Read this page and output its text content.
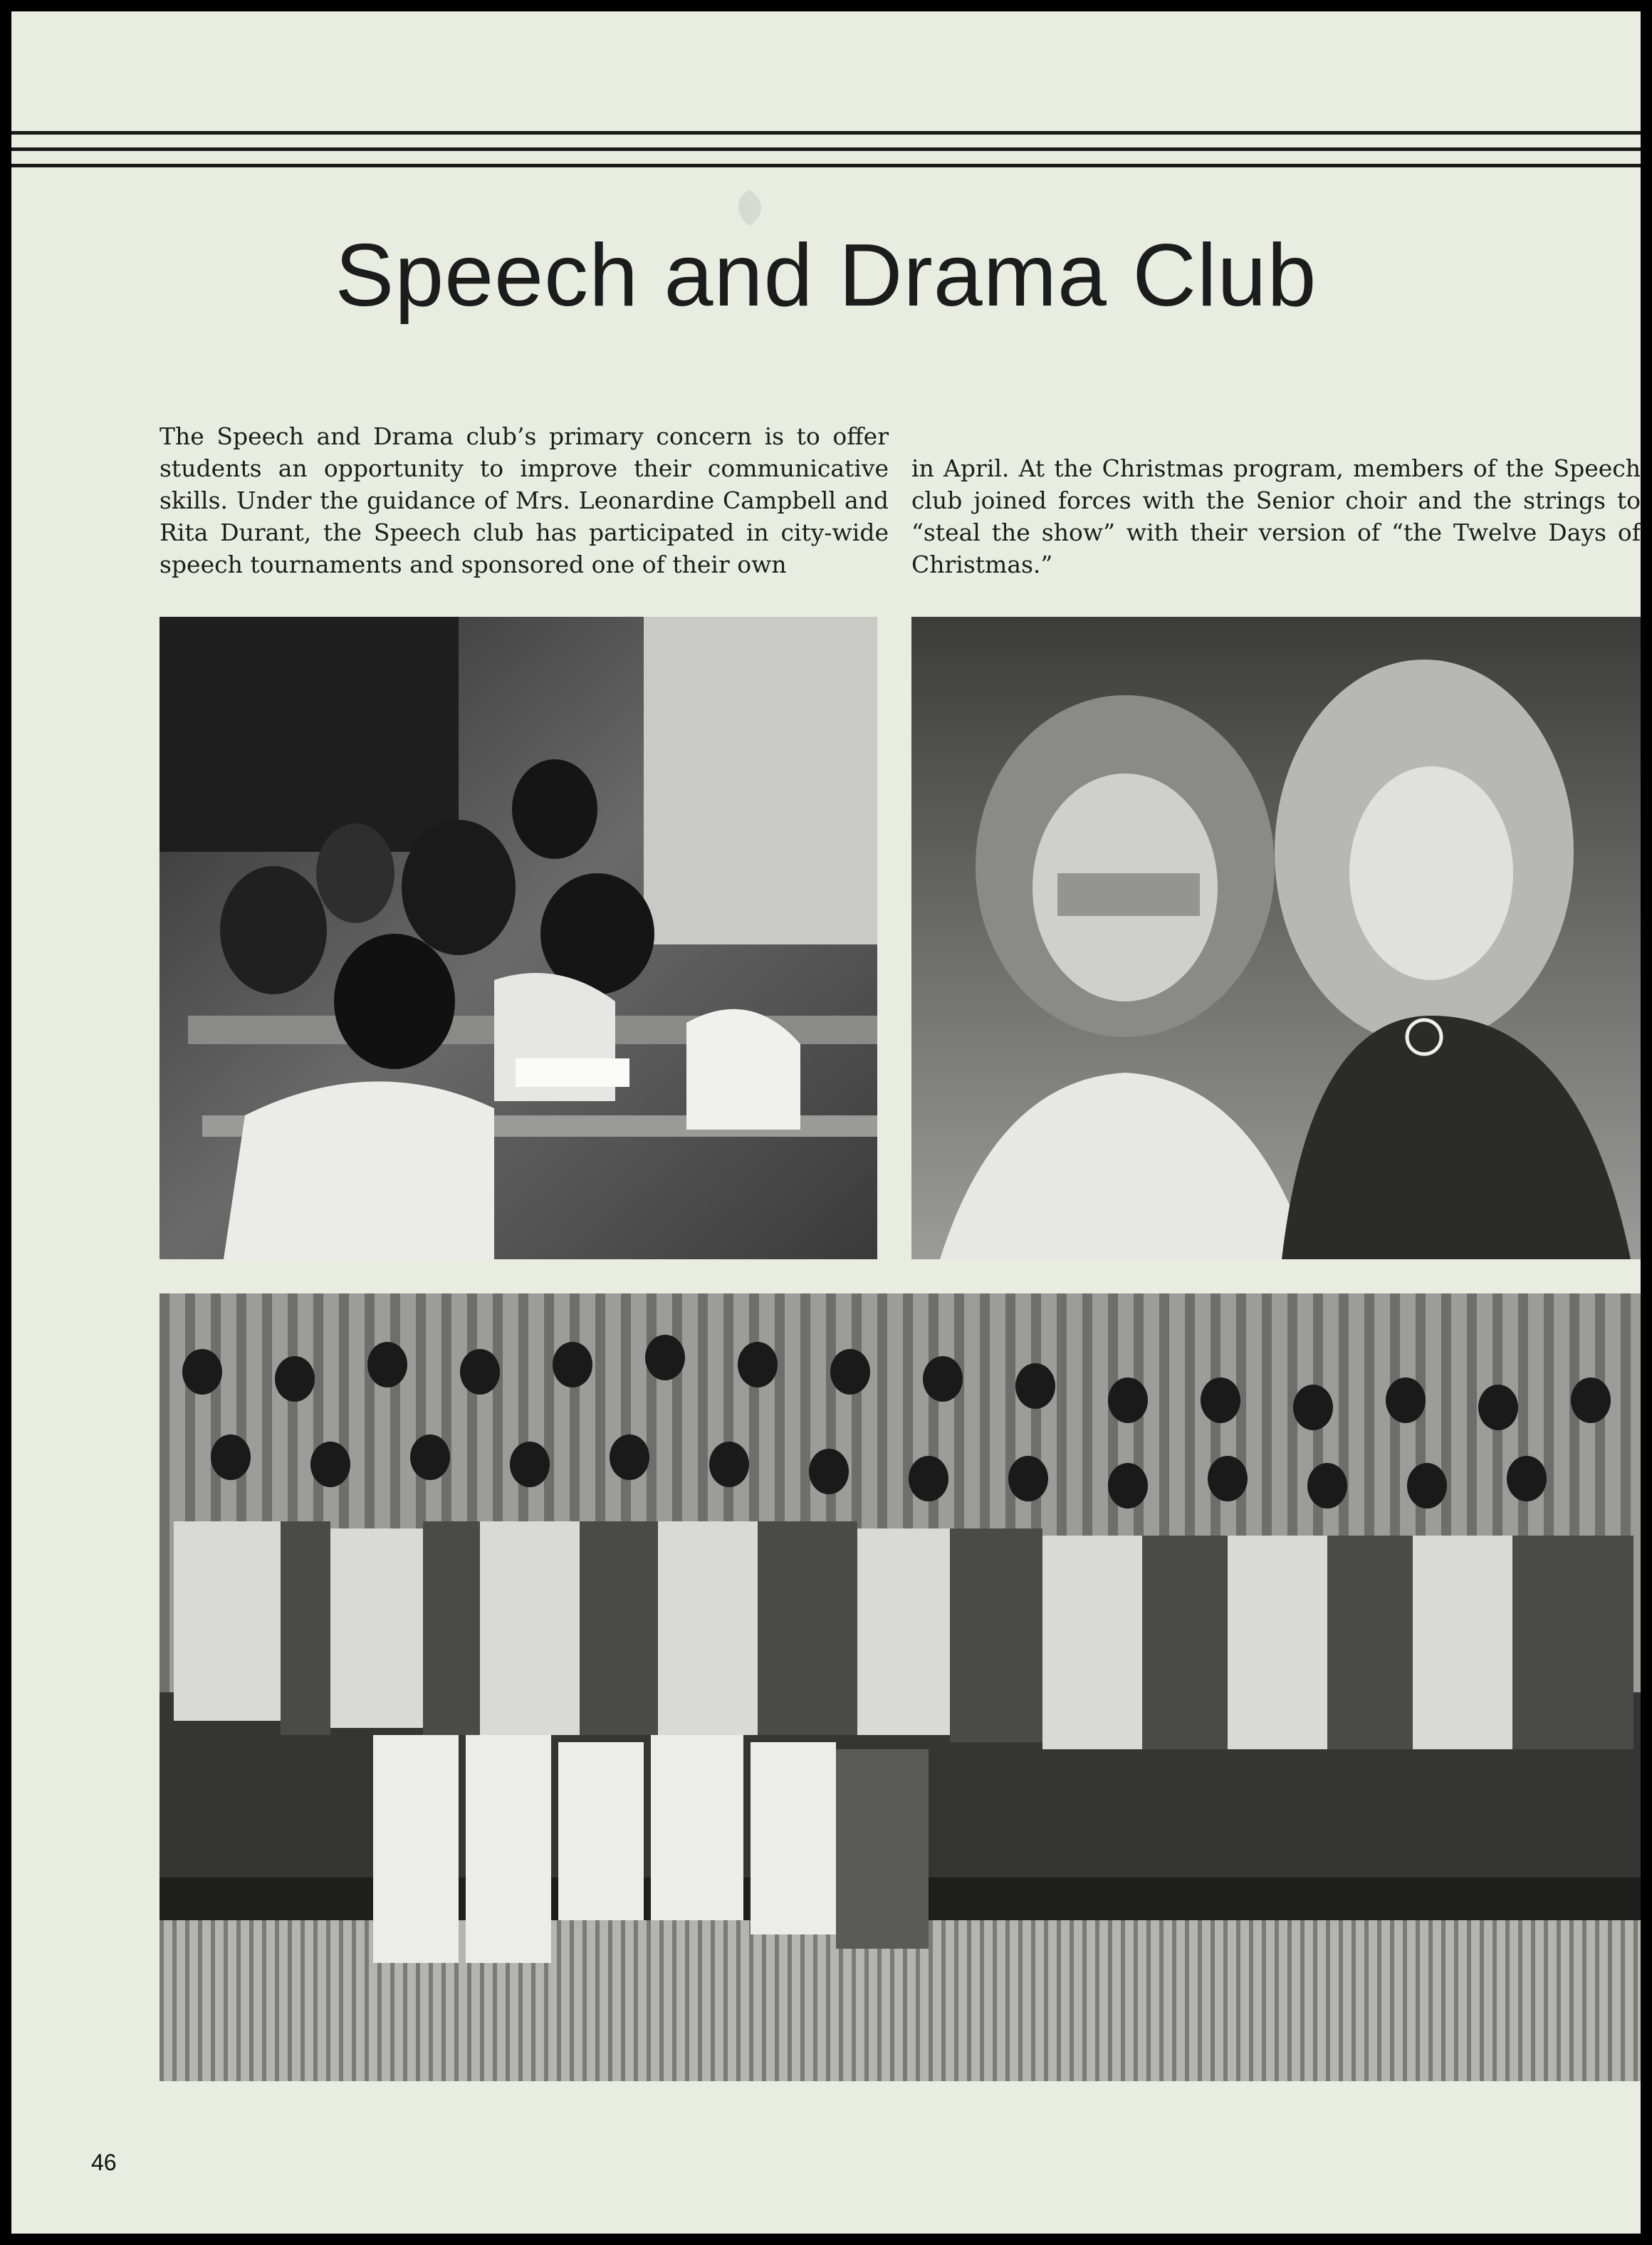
Speech and Drama Club

The Speech and Drama club’s primary concern is to offer students an opportunity to improve their communicative skills. Under the guidance of Mrs. Leonardine Campbell and Rita Durant, the Speech club has participated in city-wide speech tournaments and sponsored one of their own

in April. At the Christmas program, members of the Speech club joined forces with the Senior choir and the strings to “steal the show” with their version of “the Twelve Days of Christmas.”

46
